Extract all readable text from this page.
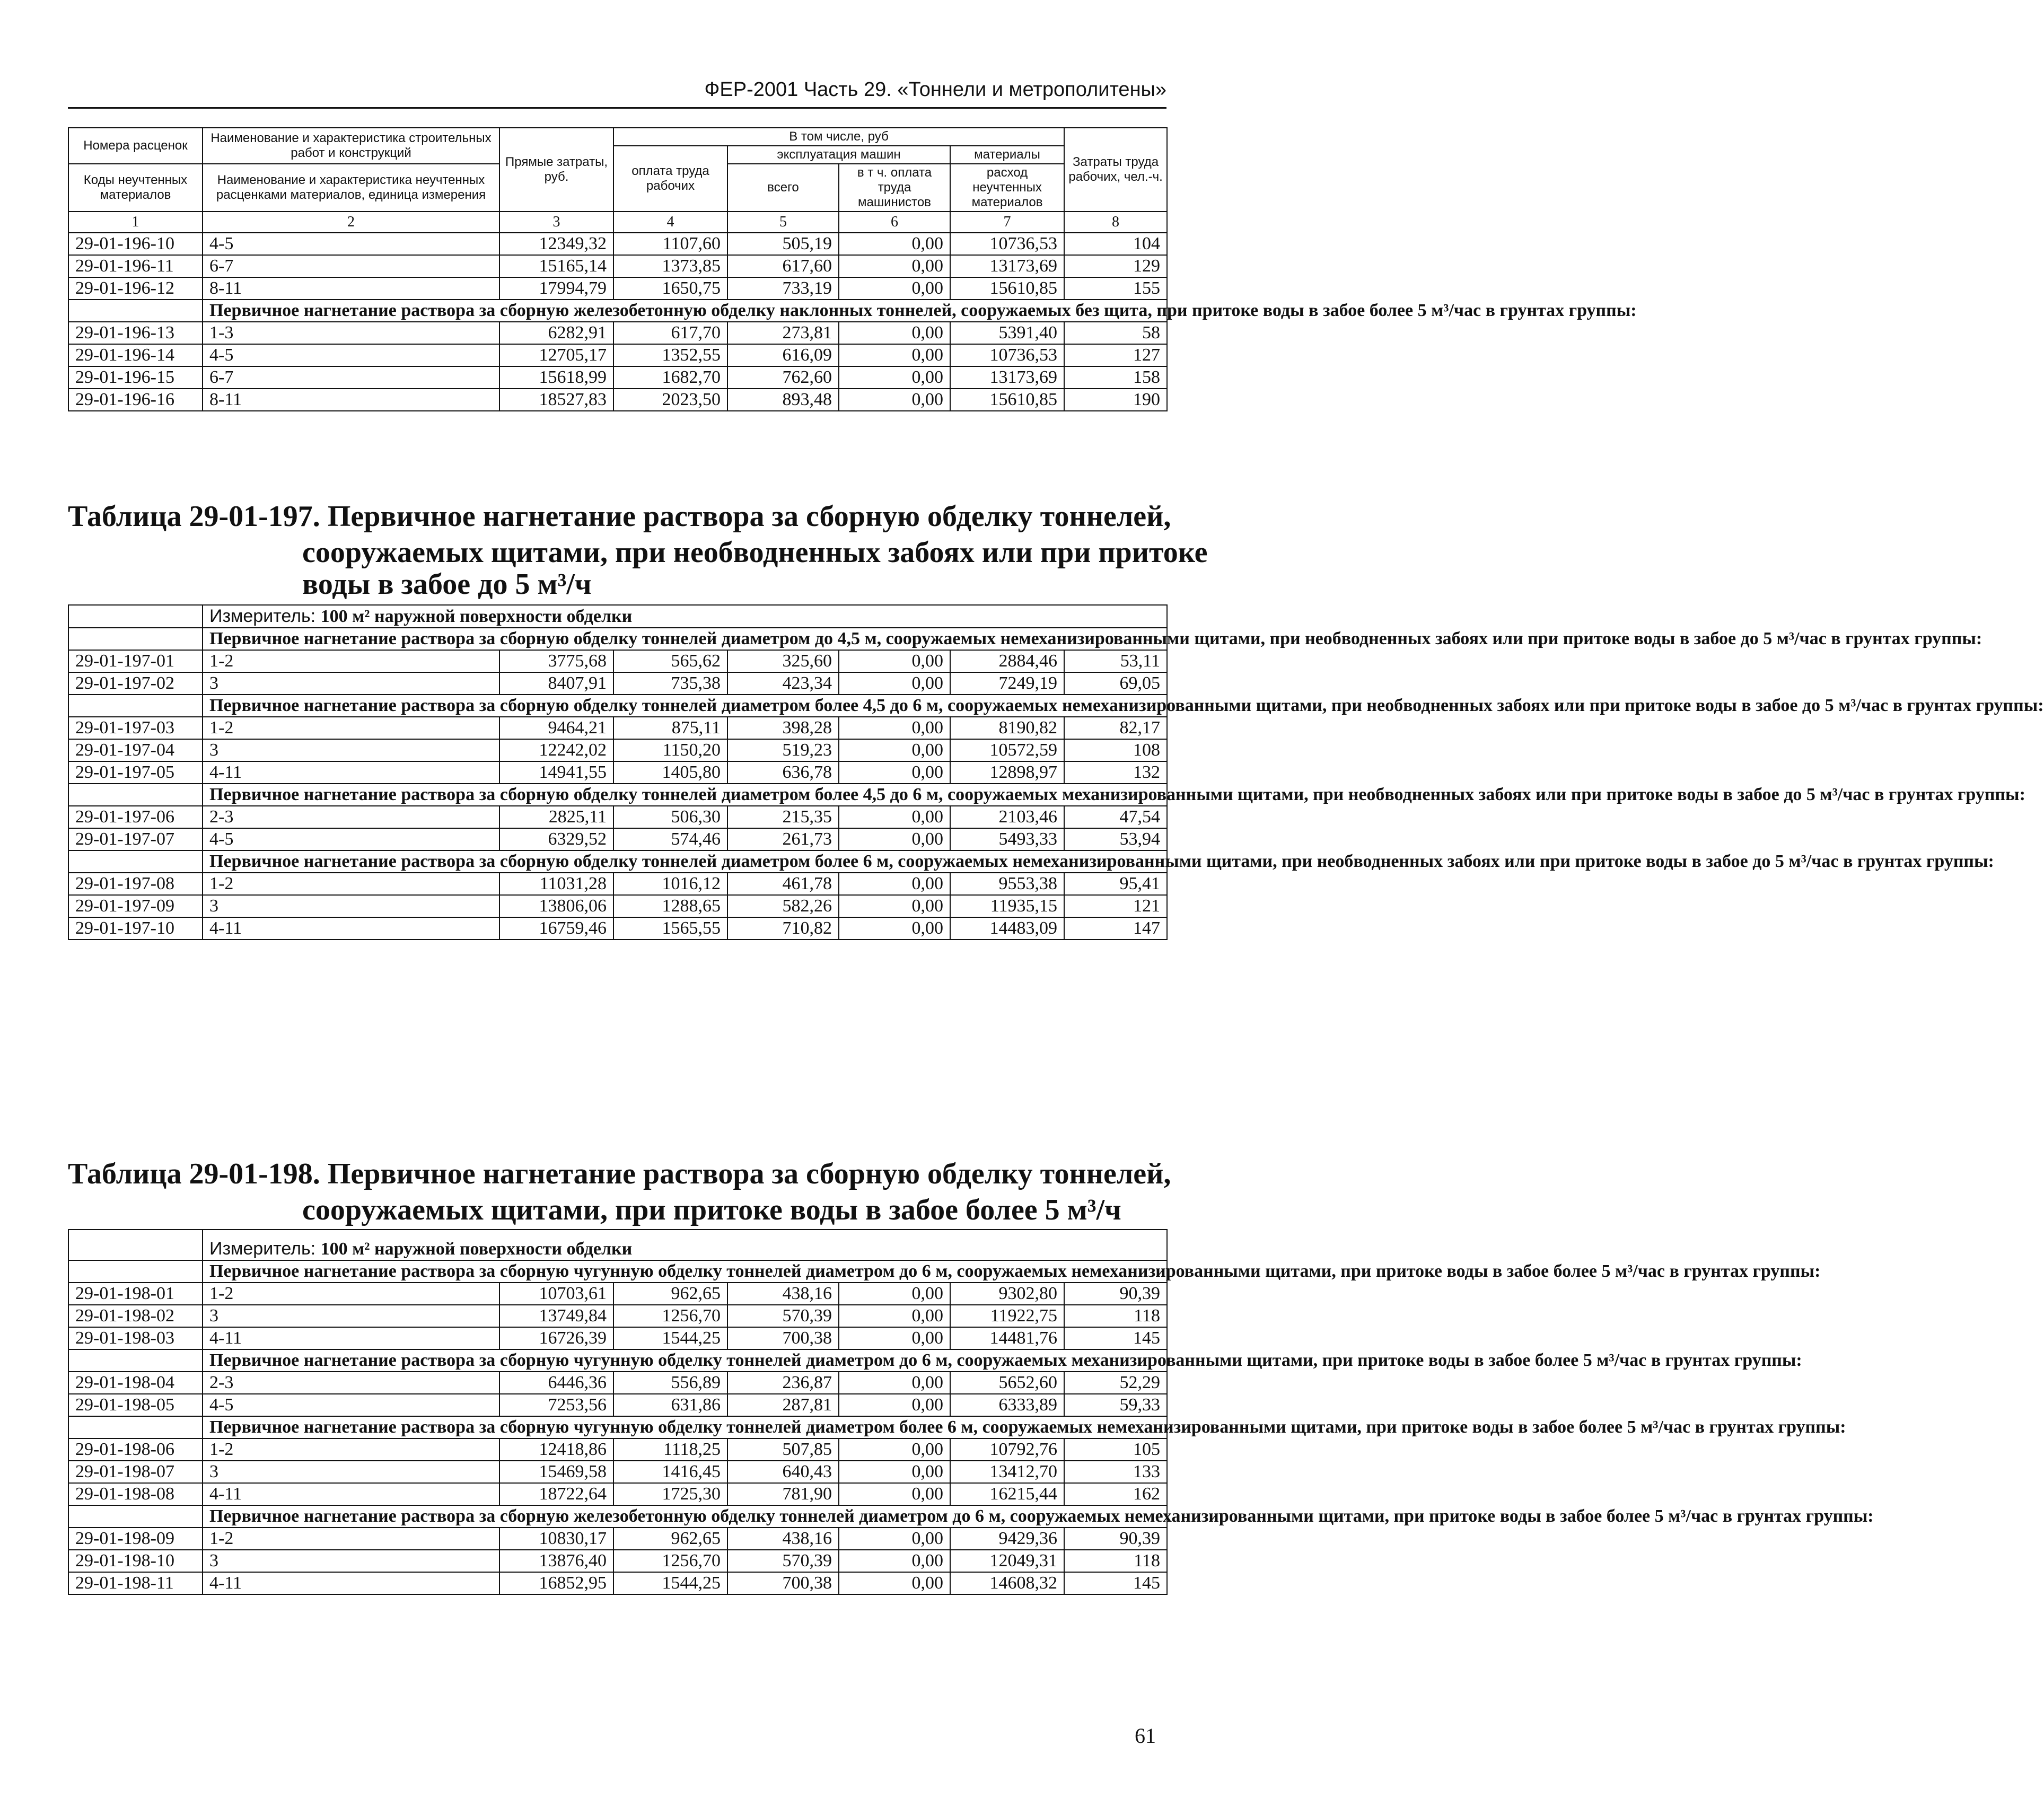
ФЕР-2001 Часть 29. «Тоннели и метрополитены»
Номера расценок	Наименование и характеристика строительных работ и конструкций	Прямые затраты, руб.	В том числе, руб				Затраты труда рабочих, чел.-ч.
			оплата труда рабочих	эксплуатация машин		материалы	
Коды неучтенных материалов	Наименование и характеристика неучтенных расценками материалов, единица измерения			всего	в т ч. оплата труда машинистов	расход неучтенных материалов	

1	2	3	4	5	6	7	8
29-01-196-10	4-5	12349,32	1107,60	505,19	0,00	10736,53	104
29-01-196-11	6-7	15165,14	1373,85	617,60	0,00	13173,69	129
29-01-196-12	8-11	17994,79	1650,75	733,19	0,00	15610,85	155
	Первичное нагнетание раствора за сборную железобетонную обделку наклонных тоннелей, сооружаемых без щита, при притоке воды в забое более 5 м³/час в грунтах группы:						
29-01-196-13	1-3	6282,91	617,70	273,81	0,00	5391,40	58
29-01-196-14	4-5	12705,17	1352,55	616,09	0,00	10736,53	127
29-01-196-15	6-7	15618,99	1682,70	762,60	0,00	13173,69	158
29-01-196-16	8-11	18527,83	2023,50	893,48	0,00	15610,85	190
Таблица 29-01-197. Первичное нагнетание раствора за сборную обделку тоннелей,
сооружаемых щитами, при необводненных забоях или при притоке
воды в забое до 5 м³/ч
	Измеритель: 100 м² наружной поверхности обделки						
	Первичное нагнетание раствора за сборную обделку тоннелей диаметром до 4,5 м, сооружаемых немеханизированными щитами, при необводненных забоях или при притоке воды в забое до 5 м³/час в грунтах группы:						
29-01-197-01	1-2	3775,68	565,62	325,60	0,00	2884,46	53,11
29-01-197-02	3	8407,91	735,38	423,34	0,00	7249,19	69,05
	Первичное нагнетание раствора за сборную обделку тоннелей диаметром более 4,5 до 6 м, сооружаемых немеханизированными щитами, при необводненных забоях или при притоке воды в забое до 5 м³/час в грунтах группы:						
29-01-197-03	1-2	9464,21	875,11	398,28	0,00	8190,82	82,17
29-01-197-04	3	12242,02	1150,20	519,23	0,00	10572,59	108
29-01-197-05	4-11	14941,55	1405,80	636,78	0,00	12898,97	132
	Первичное нагнетание раствора за сборную обделку тоннелей диаметром более 4,5 до 6 м, сооружаемых механизированными щитами, при необводненных забоях или при притоке воды в забое до 5 м³/час в грунтах группы:						
29-01-197-06	2-3	2825,11	506,30	215,35	0,00	2103,46	47,54
29-01-197-07	4-5	6329,52	574,46	261,73	0,00	5493,33	53,94
	Первичное нагнетание раствора за сборную обделку тоннелей диаметром более 6 м, сооружаемых немеханизированными щитами, при необводненных забоях или при притоке воды в забое до 5 м³/час в грунтах группы:						
29-01-197-08	1-2	11031,28	1016,12	461,78	0,00	9553,38	95,41
29-01-197-09	3	13806,06	1288,65	582,26	0,00	11935,15	121
29-01-197-10	4-11	16759,46	1565,55	710,82	0,00	14483,09	147
Таблица 29-01-198. Первичное нагнетание раствора за сборную обделку тоннелей,
сооружаемых щитами, при притоке воды в забое более 5 м³/ч
	Измеритель: 100 м² наружной поверхности обделки						
	Первичное нагнетание раствора за сборную чугунную обделку тоннелей диаметром до 6 м, сооружаемых немеханизированными щитами, при притоке воды в забое более 5 м³/час в грунтах группы:						
29-01-198-01	1-2	10703,61	962,65	438,16	0,00	9302,80	90,39
29-01-198-02	3	13749,84	1256,70	570,39	0,00	11922,75	118
29-01-198-03	4-11	16726,39	1544,25	700,38	0,00	14481,76	145
	Первичное нагнетание раствора за сборную чугунную обделку тоннелей диаметром до 6 м, сооружаемых механизированными щитами, при притоке воды в забое более 5 м³/час в грунтах группы:						
29-01-198-04	2-3	6446,36	556,89	236,87	0,00	5652,60	52,29
29-01-198-05	4-5	7253,56	631,86	287,81	0,00	6333,89	59,33
	Первичное нагнетание раствора за сборную чугунную обделку тоннелей диаметром более 6 м, сооружаемых немеханизированными щитами, при притоке воды в забое более 5 м³/час в грунтах группы:						
29-01-198-06	1-2	12418,86	1118,25	507,85	0,00	10792,76	105
29-01-198-07	3	15469,58	1416,45	640,43	0,00	13412,70	133
29-01-198-08	4-11	18722,64	1725,30	781,90	0,00	16215,44	162
	Первичное нагнетание раствора за сборную железобетонную обделку тоннелей диаметром до 6 м, сооружаемых немеханизированными щитами, при притоке воды в забое более 5 м³/час в грунтах группы:						
29-01-198-09	1-2	10830,17	962,65	438,16	0,00	9429,36	90,39
29-01-198-10	3	13876,40	1256,70	570,39	0,00	12049,31	118
29-01-198-11	4-11	16852,95	1544,25	700,38	0,00	14608,32	145
61
